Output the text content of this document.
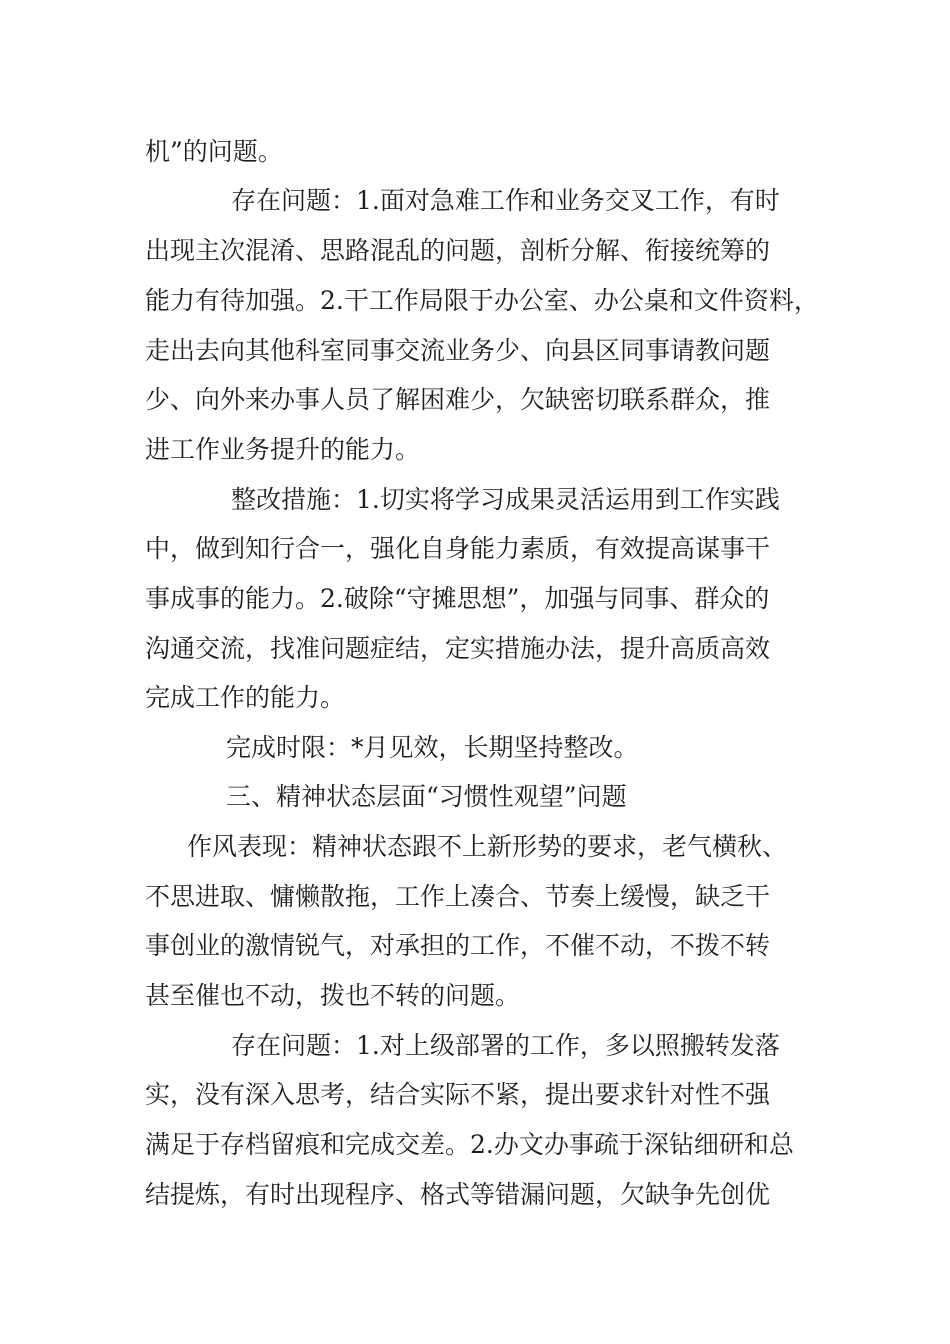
机”的问题。
存在问题：1.面对急难工作和业务交叉工作，有时
出现主次混淆、思路混乱的问题，剖析分解、衔接统筹的
能力有待加强。2.干工作局限于办公室、办公桌和文件资料，
走出去向其他科室同事交流业务少、向县区同事请教问题
少、向外来办事人员了解困难少，欠缺密切联系群众，推
进工作业务提升的能力。
整改措施：1.切实将学习成果灵活运用到工作实践
中，做到知行合一，强化自身能力素质，有效提高谋事干
事成事的能力。2.破除“守摊思想”，加强与同事、群众的
沟通交流，找准问题症结，定实措施办法，提升高质高效
完成工作的能力。
完成时限：*月见效，长期坚持整改。
三、精神状态层面“习惯性观望”问题
作风表现：精神状态跟不上新形势的要求，老气横秋、
不思进取、慵懒散拖，工作上凑合、节奏上缓慢，缺乏干
事创业的激情锐气，对承担的工作，不催不动，不拨不转
甚至催也不动，拨也不转的问题。
存在问题：1.对上级部署的工作，多以照搬转发落
实，没有深入思考，结合实际不紧，提出要求针对性不强
满足于存档留痕和完成交差。2.办文办事疏于深钻细研和总
结提炼，有时出现程序、格式等错漏问题，欠缺争先创优
